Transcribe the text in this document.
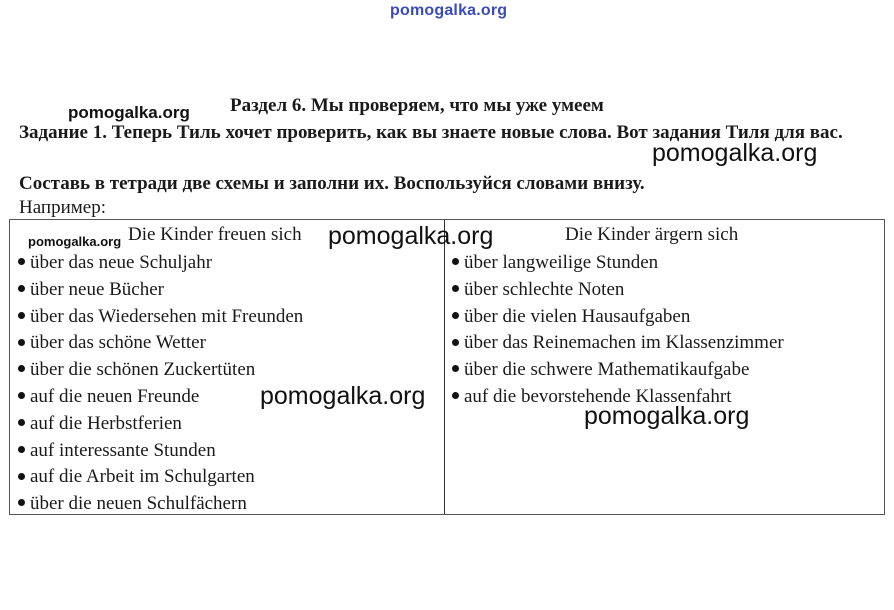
pomogalka.org
pomogalka.org Раздел 6. Мы проверяем, что мы уже умеем
Задание 1. Теперь Тиль хочет проверить, как вы знаете новые слова. Вот задания Тиля для вас.
pomogalka.org
Составь в тетради две схемы и заполни их. Воспользуйся словами внизу.
Например:
Die Kinder freuen sich	Die Kinder ärgern sich
über das neue Schuljahr
über neue Bücher
über das Wiedersehen mit Freunden
über das schöne Wetter
über die schönen Zuckertüten
auf die neuen Freunde
auf die Herbstferien
auf interessante Stunden
auf die Arbeit im Schulgarten
über die neuen Schulfächern
über langweilige Stunden
über schlechte Noten
über die vielen Hausaufgaben
über das Reinemachen im Klassenzimmer
über die schwere Mathematikaufgabe
auf die bevorstehende Klassenfahrt
pomogalka.org	pomogalka.org
pomogalka.org
pomogalka.org
